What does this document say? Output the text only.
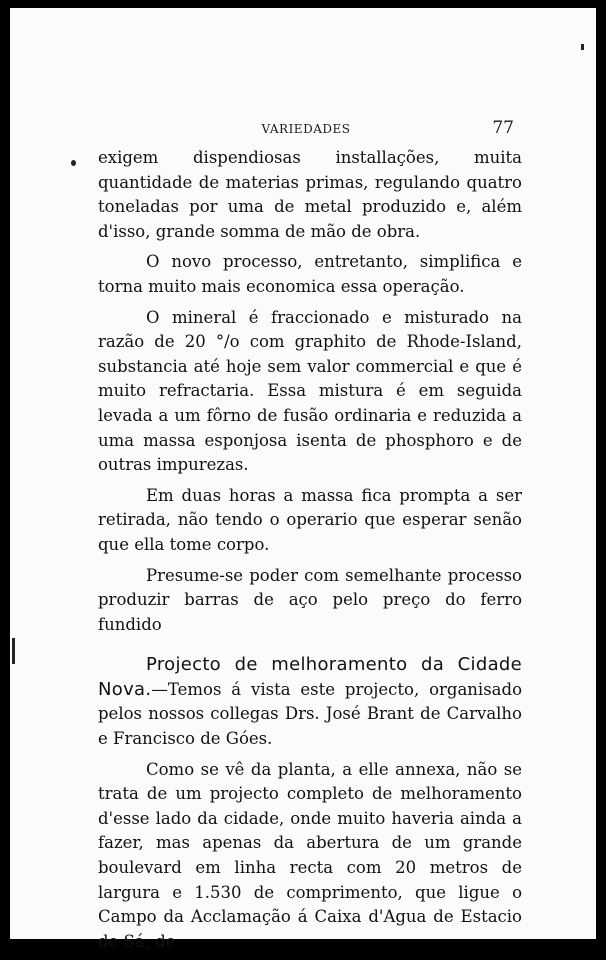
VARIEDADES	77

exigem dispendiosas installações, muita quantidade de materias primas, regulando quatro toneladas por uma de metal produzido e, além d'isso, grande somma de mão de obra.

O novo processo, entretanto, simplifica e torna muito mais economica essa operação.

O mineral é fraccionado e misturado na razão de 20 °/o com graphito de Rhode-Island, substancia até hoje sem valor commercial e que é muito refractaria. Essa mistura é em seguida levada a um fôrno de fusão ordinaria e reduzida a uma massa esponjosa isenta de phosphoro e de outras impurezas.

Em duas horas a massa fica prompta a ser retirada, não tendo o operario que esperar senão que ella tome corpo.

Presume-se poder com semelhante processo produzir barras de aço pelo preço do ferro fundido

Projecto de melhoramento da Cidade Nova.—Temos á vista este projecto, organisado pelos nossos collegas Drs. José Brant de Carvalho e Francisco de Góes.

Como se vê da planta, a elle annexa, não se trata de um projecto completo de melhoramento d'esse lado da cidade, onde muito haveria ainda a fazer, mas apenas da abertura de um grande boulevard em linha recta com 20 metros de largura e 1.530 de comprimento, que ligue o Campo da Acclamação á Caixa d'Agua de Estacio de Sá, de
